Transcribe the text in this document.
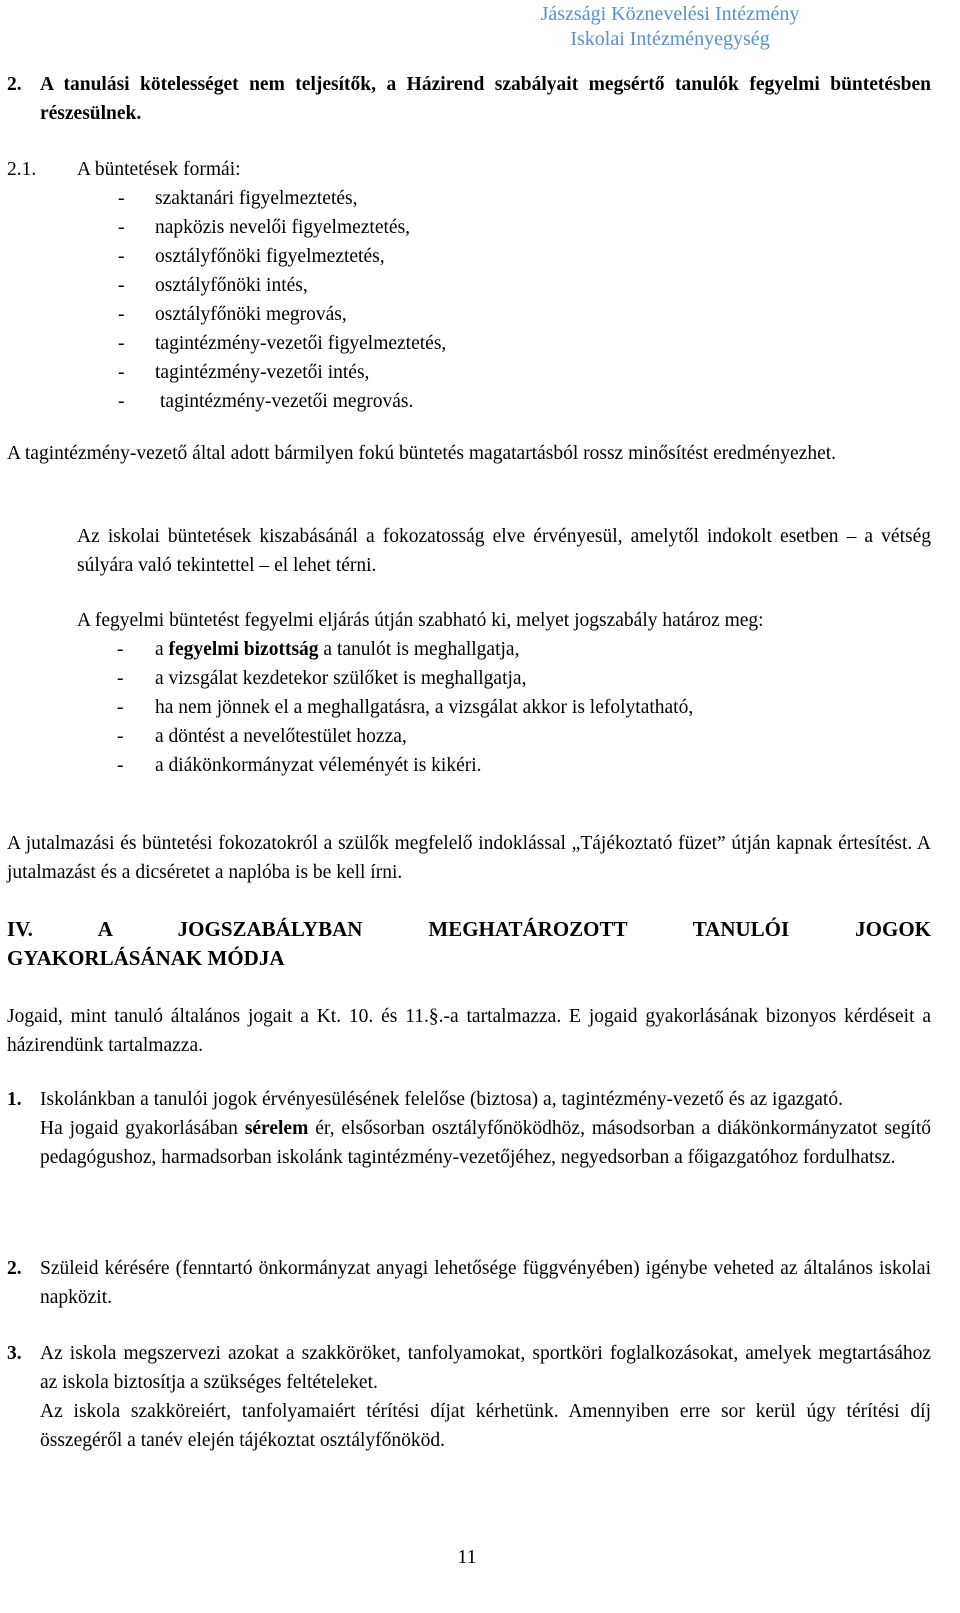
Jászsági Köznevelési Intézmény
Iskolai Intézményegység
2. A tanulási kötelességet nem teljesítők, a Házirend szabályait megsértő tanulók fegyelmi büntetésben részesülnek.
2.1.	A büntetések formái:
-	szaktanári figyelmeztetés,
-	napközis nevelői figyelmeztetés,
-	osztályfőnöki figyelmeztetés,
-	osztályfőnöki intés,
-	osztályfőnöki megrovás,
-	tagintézmény-vezetői figyelmeztetés,
-	tagintézmény-vezetői intés,
-	tagintézmény-vezetői megrovás.
A tagintézmény-vezető által adott bármilyen fokú büntetés magatartásból rossz minősítést eredményezhet.
Az iskolai büntetések kiszabásánál a fokozatosság elve érvényesül, amelytől indokolt esetben – a vétség súlyára való tekintettel – el lehet térni.
A fegyelmi büntetést fegyelmi eljárás útján szabható ki, melyet jogszabály határoz meg:
-	a fegyelmi bizottság a tanulót is meghallgatja,
-	a vizsgálat kezdetekor szülőket is meghallgatja,
-	ha nem jönnek el a meghallgatásra, a vizsgálat akkor is lefolytatható,
-	a döntést a nevelőtestület hozza,
-	a diákönkormányzat véleményét is kikéri.
A jutalmazási és büntetési fokozatokról a szülők megfelelő indoklással „Tájékoztató füzet” útján kapnak értesítést. A jutalmazást és a dicséretet a naplóba is be kell írni.
IV.	A	JOGSZABÁLYBAN	MEGHATÁROZOTT	TANULÓI	JOGOK
GYAKORLÁSÁNAK MÓDJA
Jogaid, mint tanuló általános jogait a Kt. 10. és 11.§.-a tartalmazza. E jogaid gyakorlásának bizonyos kérdéseit a házirendünk tartalmazza.
1. Iskolánkban a tanulói jogok érvényesülésének felelőse (biztosa) a, tagintézmény-vezető és az igazgató.
Ha jogaid gyakorlásában sérelem ér, elsősorban osztályfőnöködhöz, másodsorban a diákönkormányzatot segítő pedagógushoz, harmadsorban iskolánk tagintézmény-vezetőjéhez, negyedsorban a főigazgatóhoz fordulhatsz.
2. Szüleid kérésére (fenntartó önkormányzat anyagi lehetősége függvényében) igénybe veheted az általános iskolai napközit.
3. Az iskola megszervezi azokat a szakköröket, tanfolyamokat, sportköri foglalkozásokat, amelyek megtartásához az iskola biztosítja a szükséges feltételeket.
Az iskola szakköreiért, tanfolyamaiért térítési díjat kérhetünk. Amennyiben erre sor kerül úgy térítési díj összegéről a tanév elején tájékoztat osztályfőnököd.
11
